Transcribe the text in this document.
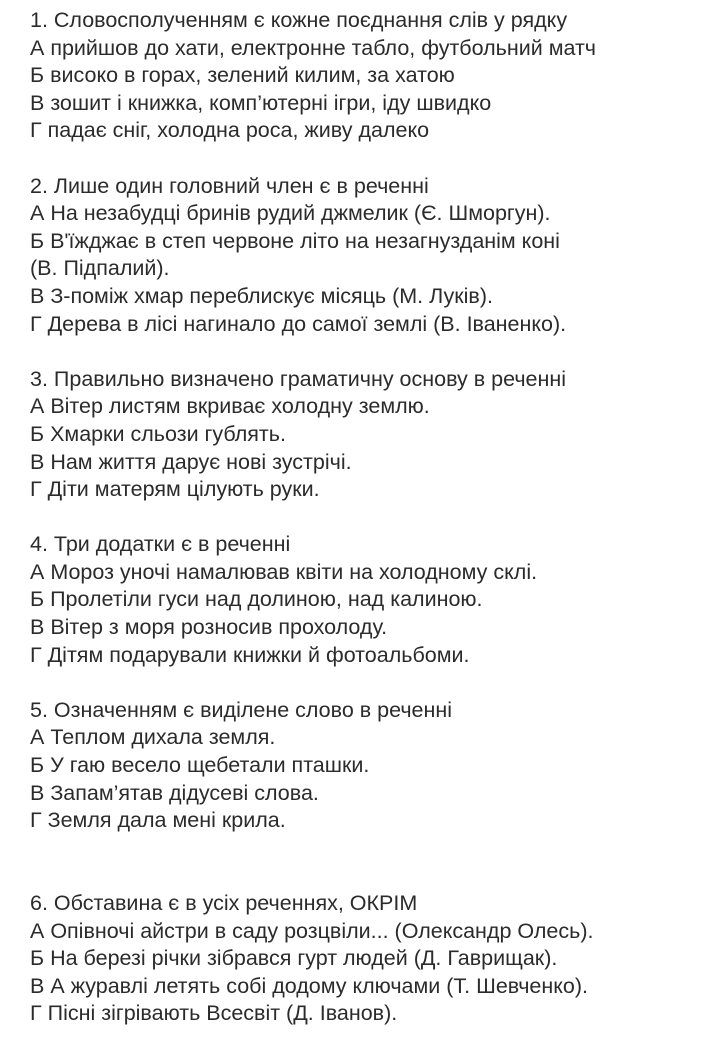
1. Словосполученням є кожне поєднання слів у рядку
А прийшов до хати, електронне табло, футбольний матч
Б високо в горах, зелений килим, за хатою
В зошит і книжка, комп’ютерні ігри, іду швидко
Г падає сніг, холодна роса, живу далеко
2. Лише один головний член є в реченні
А На незабудці бринів рудий джмелик (Є. Шморгун).
Б В'їжджає в степ червоне літо на незагнузданім коні
(В. Підпалий).
В З-поміж хмар переблискує місяць (М. Луків).
Г Дерева в лісі нагинало до самої землі (В. Іваненко).
3. Правильно визначено граматичну основу в реченні
А Вітер листям вкриває холодну землю.
Б Хмарки сльози гублять.
В Нам життя дарує нові зустрічі.
Г Діти матерям цілують руки.
4. Три додатки є в реченні
А Мороз уночі намалював квіти на холодному склі.
Б Пролетіли гуси над долиною, над калиною.
В Вітер з моря розносив прохолоду.
Г Дітям подарували книжки й фотоальбоми.
5. Означенням є виділене слово в реченні
А Теплом дихала земля.
Б У гаю весело щебетали пташки.
В Запам’ятав дідусеві слова.
Г Земля дала мені крила.
6. Обставина є в усіх реченнях, ОКРІМ
А Опівночі айстри в саду розцвіли... (Олександр Олесь).
Б На березі річки зібрався гурт людей (Д. Гаврищак).
В А журавлі летять собі додому ключами (Т. Шевченко).
Г Пісні зігрівають Всесвіт (Д. Іванов).
